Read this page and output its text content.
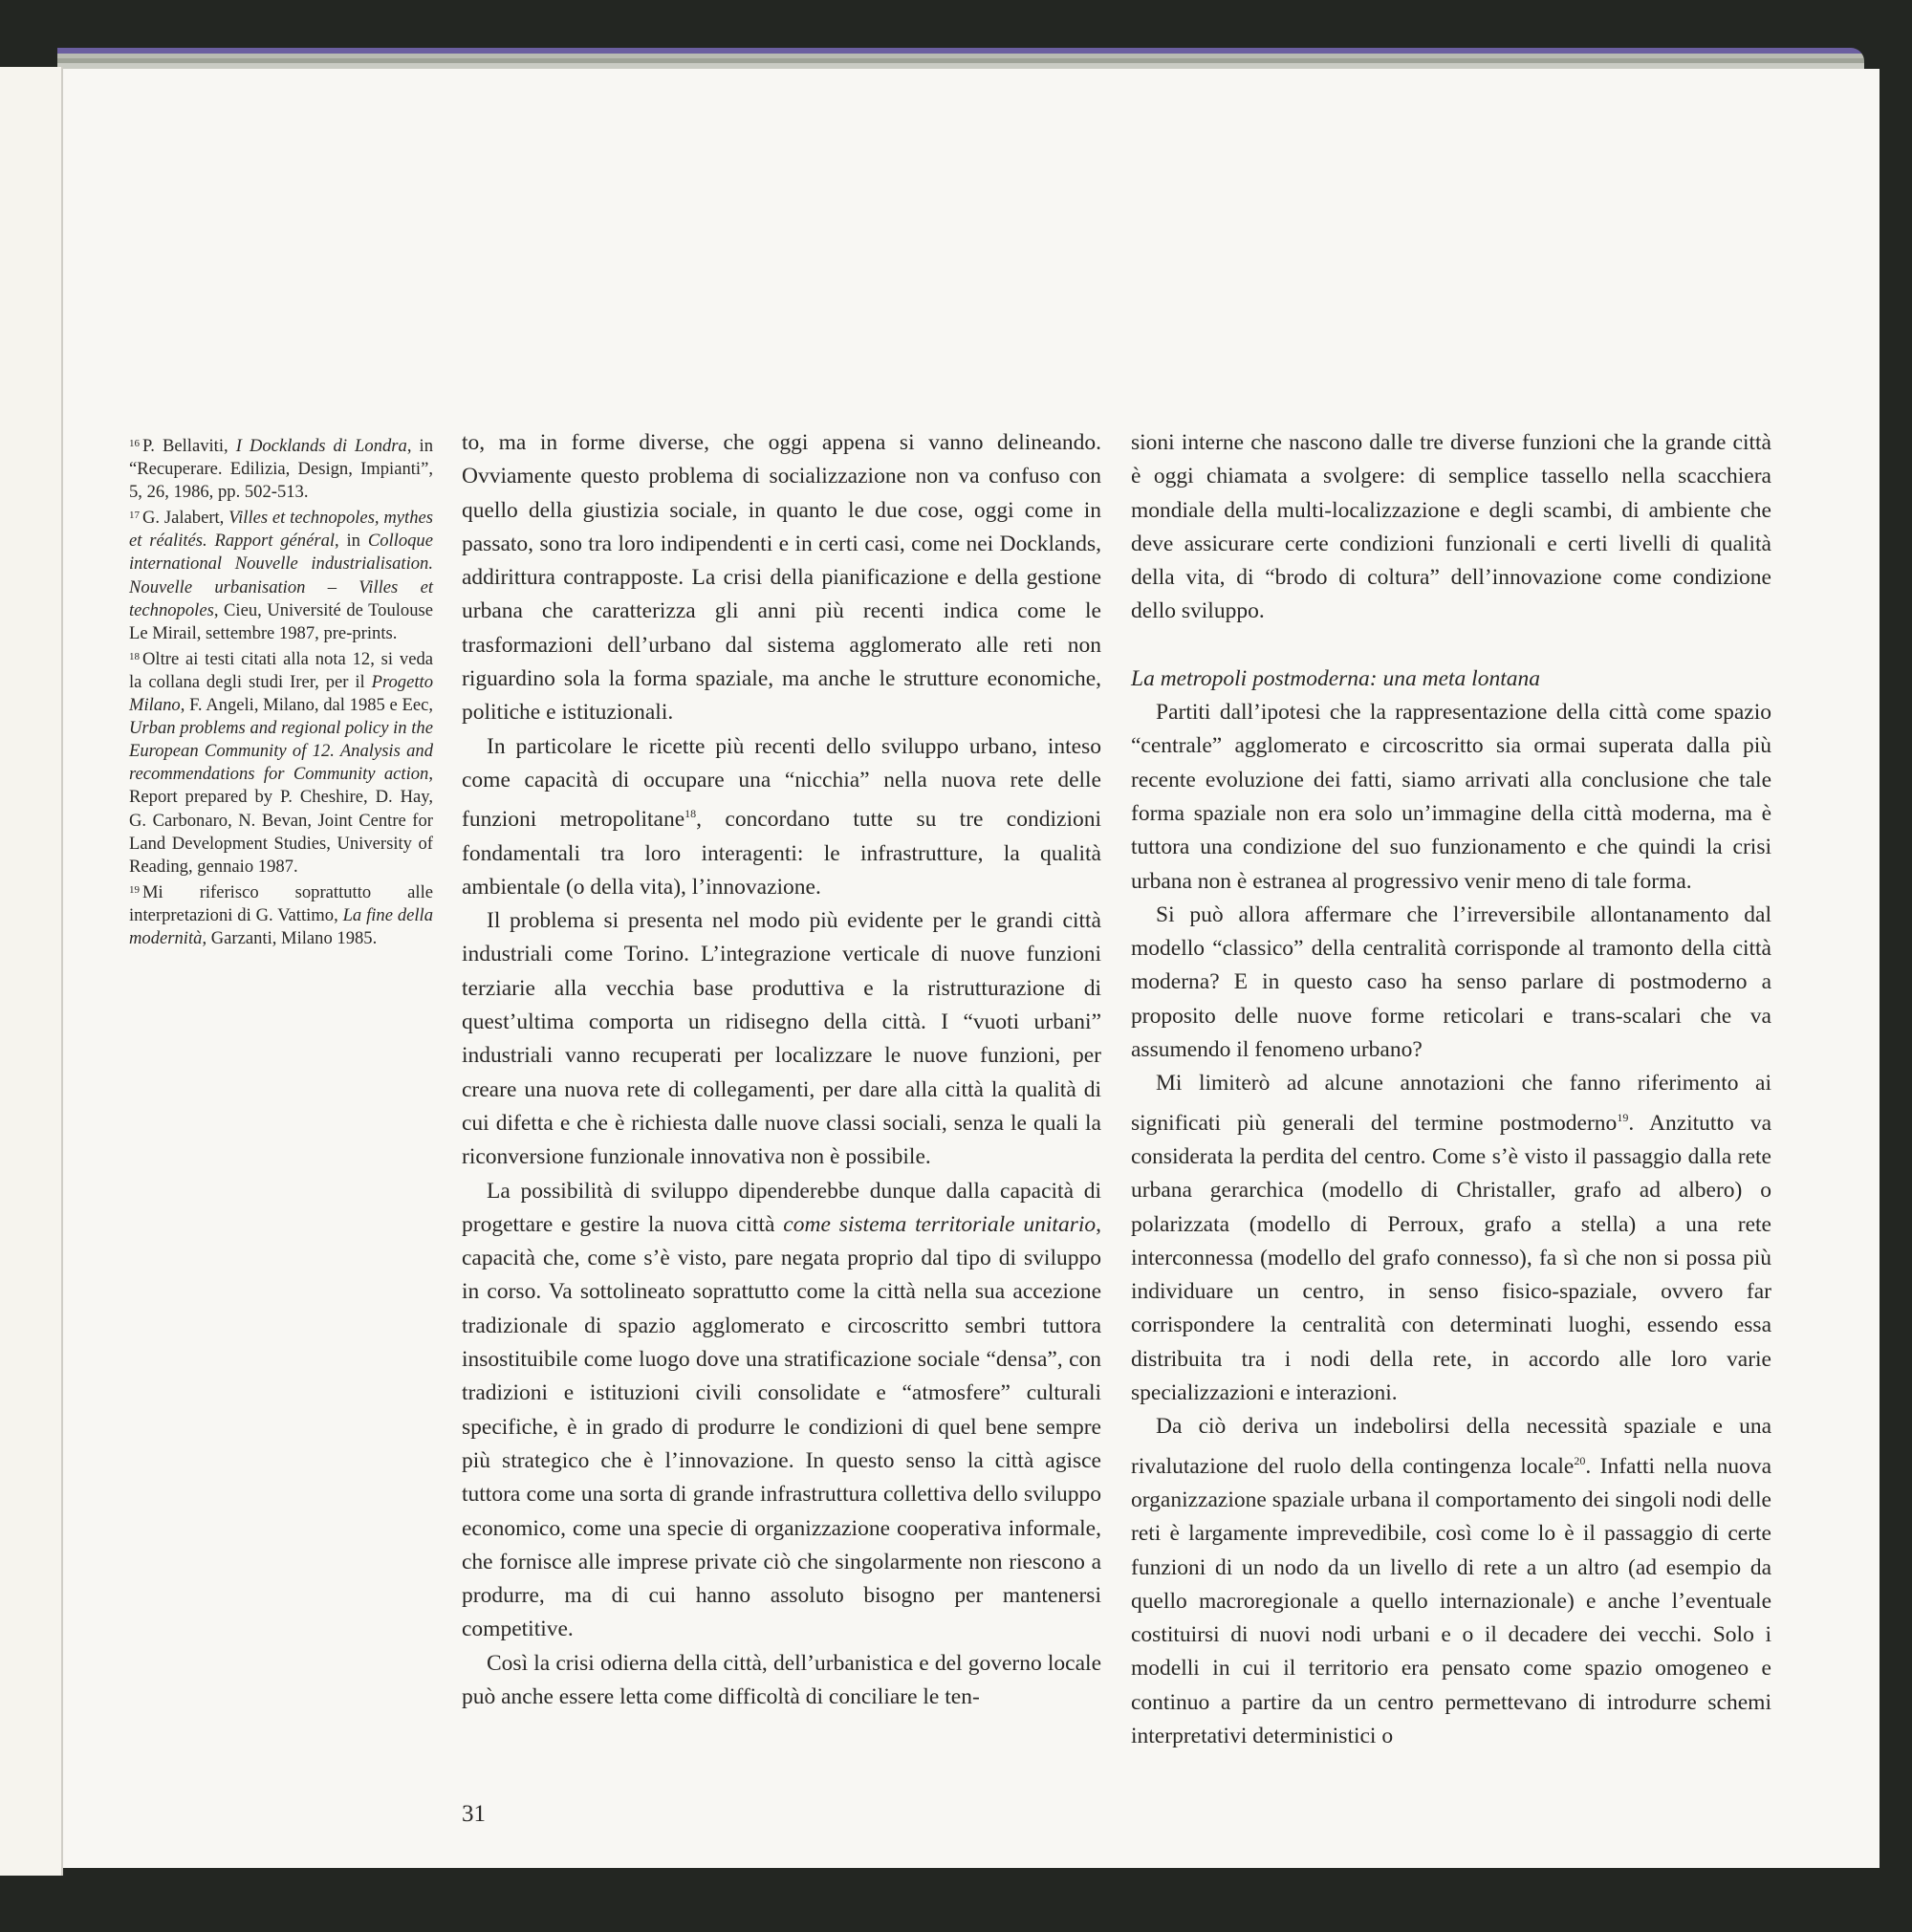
$^{16}$ P. Bellaviti, I Docklands di Londra, in “Recuperare. Edilizia, Design, Impianti”, 5, 26, 1986, pp. 502-513.

$^{17}$ G. Jalabert, Villes et technopoles, mythes et réalités. Rapport général, in Colloque international Nouvelle industrialisation. Nouvelle urbanisation – Villes et technopoles, Cieu, Université de Toulouse Le Mirail, settembre 1987, pre-prints.

$^{18}$ Oltre ai testi citati alla nota 12, si veda la collana degli studi Irer, per il Progetto Milano, F. Angeli, Milano, dal 1985 e Eec, Urban problems and regional policy in the European Community of 12. Analysis and recommendations for Community action, Report prepared by P. Cheshire, D. Hay, G. Carbonaro, N. Bevan, Joint Centre for Land Development Studies, University of Reading, gennaio 1987.

$^{19}$ Mi riferisco soprattutto alle interpretazioni di G. Vattimo, La fine della modernità, Garzanti, Milano 1985.

to, ma in forme diverse, che oggi appena si vanno delineando. Ovviamente questo problema di socializzazione non va confuso con quello della giustizia sociale, in quanto le due cose, oggi come in passato, sono tra loro indipendenti e in certi casi, come nei Docklands, addirittura contrapposte. La crisi della pianificazione e della gestione urbana che caratterizza gli anni più recenti indica come le trasformazioni dell’urbano dal sistema agglomerato alle reti non riguardino sola la forma spaziale, ma anche le strutture economiche, politiche e istituzionali.

In particolare le ricette più recenti dello sviluppo urbano, inteso come capacità di occupare una “nicchia” nella nuova rete delle funzioni metropolitane$^{18}$, concordano tutte su tre condizioni fondamentali tra loro interagenti: le infrastrutture, la qualità ambientale (o della vita), l’innovazione.

Il problema si presenta nel modo più evidente per le grandi città industriali come Torino. L’integrazione verticale di nuove funzioni terziarie alla vecchia base produttiva e la ristrutturazione di quest’ultima comporta un ridisegno della città. I “vuoti urbani” industriali vanno recuperati per localizzare le nuove funzioni, per creare una nuova rete di collegamenti, per dare alla città la qualità di cui difetta e che è richiesta dalle nuove classi sociali, senza le quali la riconversione funzionale innovativa non è possibile.

La possibilità di sviluppo dipenderebbe dunque dalla capacità di progettare e gestire la nuova città come sistema territoriale unitario, capacità che, come s’è visto, pare negata proprio dal tipo di sviluppo in corso. Va sottolineato soprattutto come la città nella sua accezione tradizionale di spazio agglomerato e circoscritto sembri tuttora insostituibile come luogo dove una stratificazione sociale “densa”, con tradizioni e istituzioni civili consolidate e “atmosfere” culturali specifiche, è in grado di produrre le condizioni di quel bene sempre più strategico che è l’innovazione. In questo senso la città agisce tuttora come una sorta di grande infrastruttura collettiva dello sviluppo economico, come una specie di organizzazione cooperativa informale, che fornisce alle imprese private ciò che singolarmente non riescono a produrre, ma di cui hanno assoluto bisogno per mantenersi competitive.

Così la crisi odierna della città, dell’urbanistica e del governo locale può anche essere letta come difficoltà di conciliare le ten-

sioni interne che nascono dalle tre diverse funzioni che la grande città è oggi chiamata a svolgere: di semplice tassello nella scacchiera mondiale della multi-localizzazione e degli scambi, di ambiente che deve assicurare certe condizioni funzionali e certi livelli di qualità della vita, di “brodo di coltura” dell’innovazione come condizione dello sviluppo.

La metropoli postmoderna: una meta lontana

Partiti dall’ipotesi che la rappresentazione della città come spazio “centrale” agglomerato e circoscritto sia ormai superata dalla più recente evoluzione dei fatti, siamo arrivati alla conclusione che tale forma spaziale non era solo un’immagine della città moderna, ma è tuttora una condizione del suo funzionamento e che quindi la crisi urbana non è estranea al progressivo venir meno di tale forma.

Si può allora affermare che l’irreversibile allontanamento dal modello “classico” della centralità corrisponde al tramonto della città moderna? E in questo caso ha senso parlare di postmoderno a proposito delle nuove forme reticolari e trans-scalari che va assumendo il fenomeno urbano?

Mi limiterò ad alcune annotazioni che fanno riferimento ai significati più generali del termine postmoderno$^{19}$. Anzitutto va considerata la perdita del centro. Come s’è visto il passaggio dalla rete urbana gerarchica (modello di Christaller, grafo ad albero) o polarizzata (modello di Perroux, grafo a stella) a una rete interconnessa (modello del grafo connesso), fa sì che non si possa più individuare un centro, in senso fisico-spaziale, ovvero far corrispondere la centralità con determinati luoghi, essendo essa distribuita tra i nodi della rete, in accordo alle loro varie specializzazioni e interazioni.

Da ciò deriva un indebolirsi della necessità spaziale e una rivalutazione del ruolo della contingenza locale$^{20}$. Infatti nella nuova organizzazione spaziale urbana il comportamento dei singoli nodi delle reti è largamente imprevedibile, così come lo è il passaggio di certe funzioni di un nodo da un livello di rete a un altro (ad esempio da quello macroregionale a quello internazionale) e anche l’eventuale costituirsi di nuovi nodi urbani e o il decadere dei vecchi. Solo i modelli in cui il territorio era pensato come spazio omogeneo e continuo a partire da un centro permettevano di introdurre schemi interpretativi deterministici o

31
